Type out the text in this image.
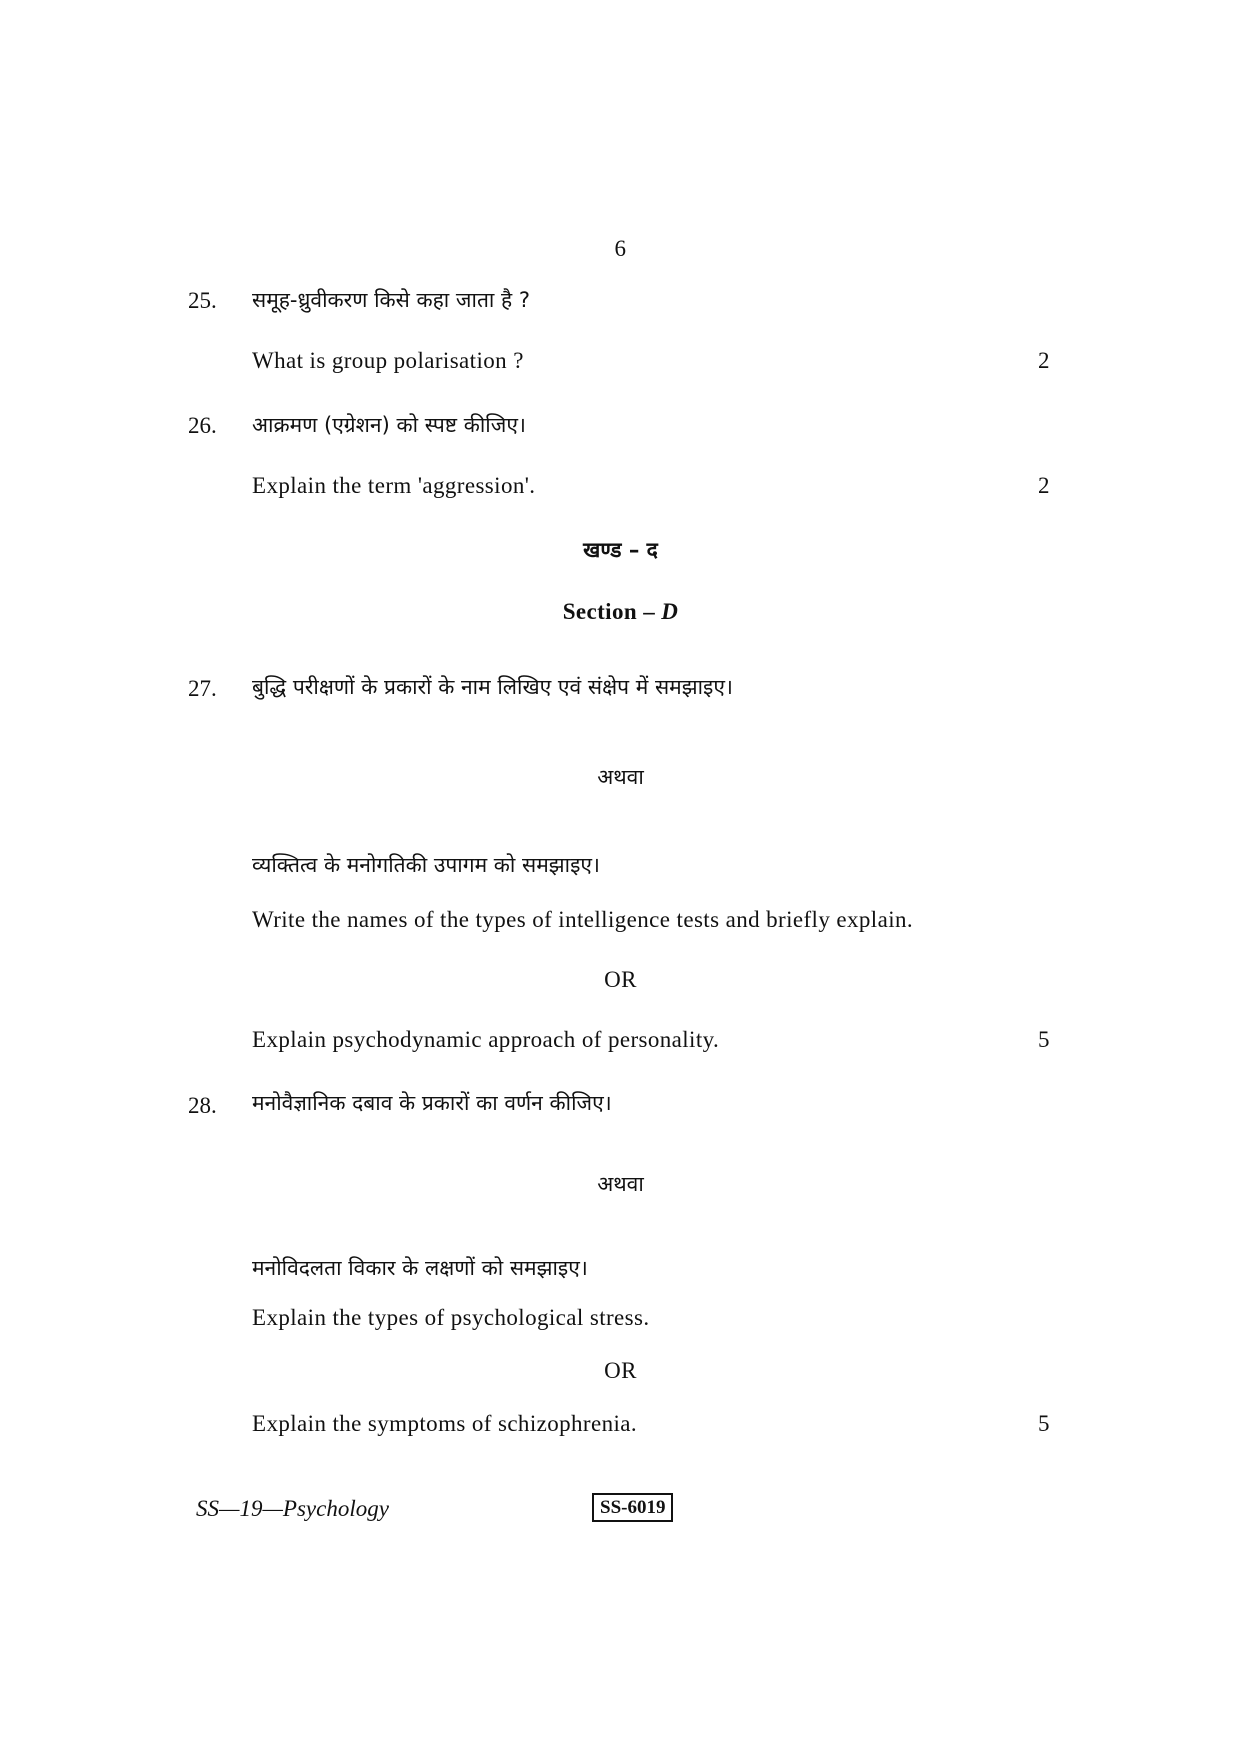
6
25. समूह-ध्रुवीकरण किसे कहा जाता है ?
What is group polarisation ?	2
26. आक्रमण (एग्रेशन) को स्पष्ट कीजिए।
Explain the term 'aggression'.	2
खण्ड – द
Section – D
27. बुद्धि परीक्षणों के प्रकारों के नाम लिखिए एवं संक्षेप में समझाइए।
अथवा
व्यक्तित्व के मनोगतिकी उपागम को समझाइए।
Write the names of the types of intelligence tests and briefly explain.
OR
Explain psychodynamic approach of personality.	5
28. मनोवैज्ञानिक दबाव के प्रकारों का वर्णन कीजिए।
अथवा
मनोविदलता विकार के लक्षणों को समझाइए।
Explain the types of psychological stress.
OR
Explain the symptoms of schizophrenia.	5
SS—19—Psychology	SS-6019
